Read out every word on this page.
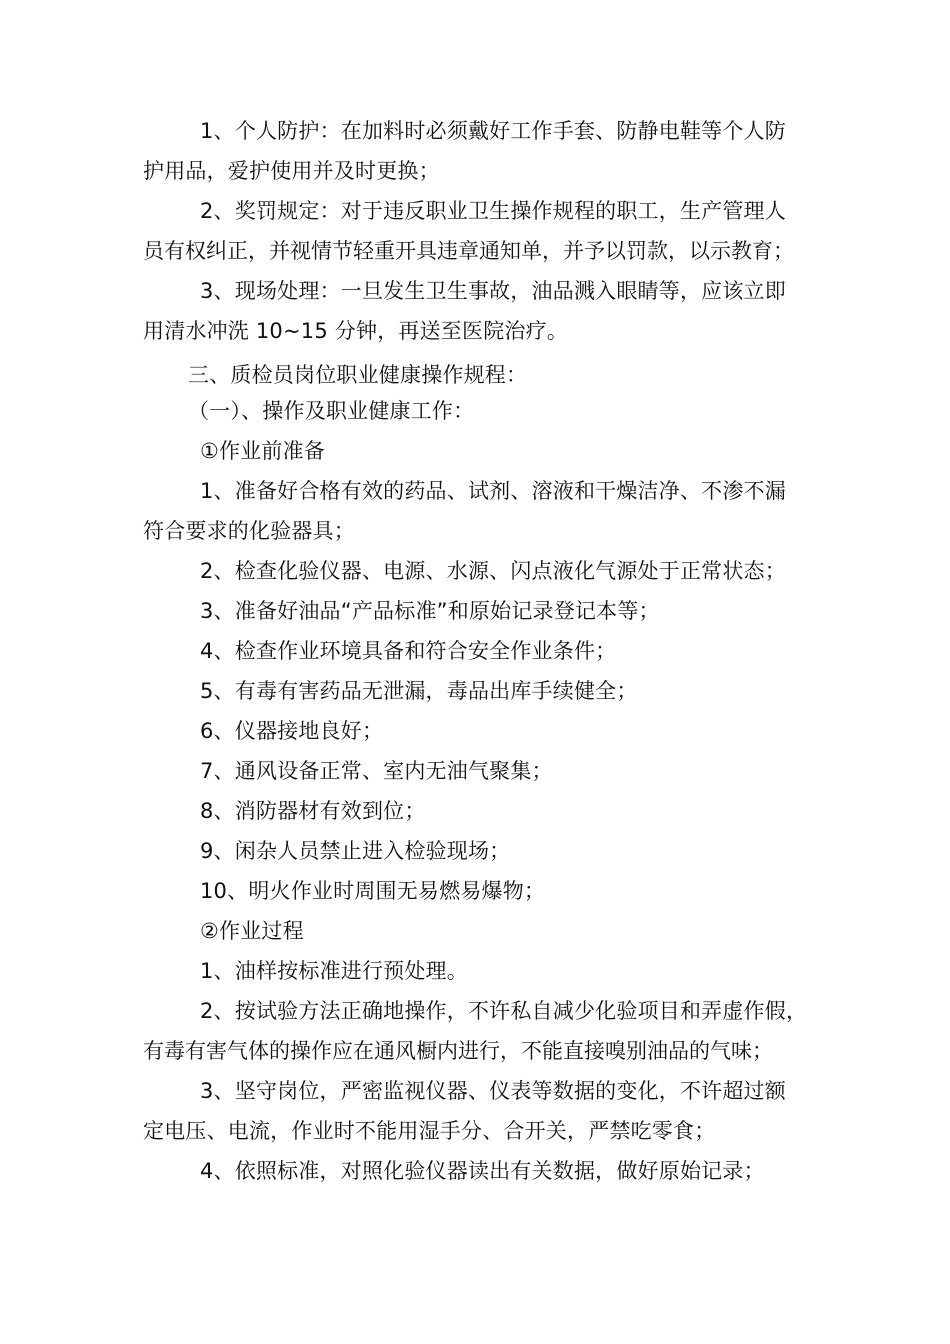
1、个人防护：在加料时必须戴好工作手套、防静电鞋等个人防
护用品，爱护使用并及时更换；
2、奖罚规定：对于违反职业卫生操作规程的职工，生产管理人
员有权纠正，并视情节轻重开具违章通知单，并予以罚款，以示教育；
3、现场处理：一旦发生卫生事故，油品溅入眼睛等，应该立即
用清水冲洗 10~15 分钟，再送至医院治疗。
三、质检员岗位职业健康操作规程：
（一）、操作及职业健康工作：
①作业前准备
1、准备好合格有效的药品、试剂、溶液和干燥洁净、不渗不漏
符合要求的化验器具；
2、检查化验仪器、电源、水源、闪点液化气源处于正常状态；
3、准备好油品“产品标准”和原始记录登记本等；
4、检查作业环境具备和符合安全作业条件；
5、有毒有害药品无泄漏，毒品出库手续健全；
6、仪器接地良好；
7、通风设备正常、室内无油气聚集；
8、消防器材有效到位；
9、闲杂人员禁止进入检验现场；
10、明火作业时周围无易燃易爆物；
②作业过程
1、油样按标准进行预处理。
2、按试验方法正确地操作，不许私自减少化验项目和弄虚作假，
有毒有害气体的操作应在通风橱内进行，不能直接嗅别油品的气味；
3、坚守岗位，严密监视仪器、仪表等数据的变化，不许超过额
定电压、电流，作业时不能用湿手分、合开关，严禁吃零食；
4、依照标准，对照化验仪器读出有关数据，做好原始记录；
